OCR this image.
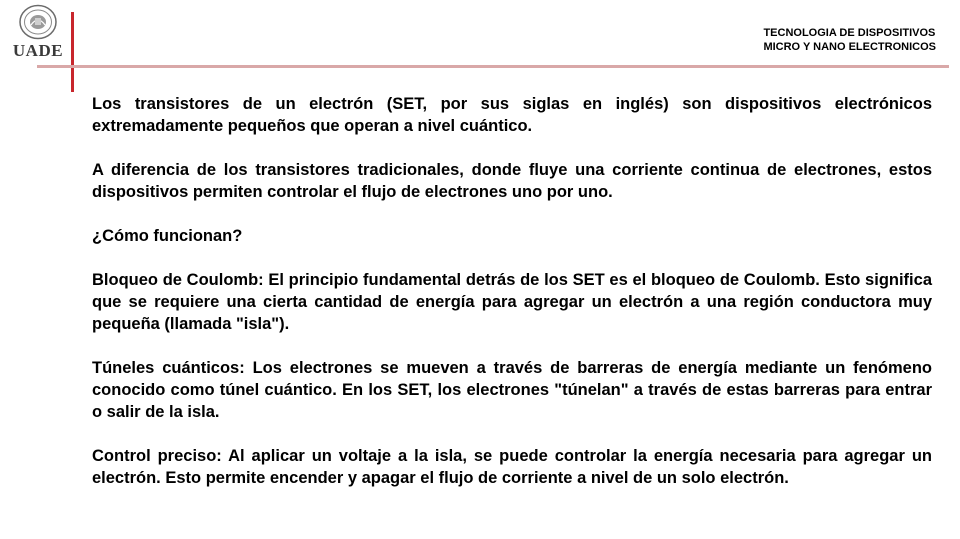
UADE
TECNOLOGIA DE DISPOSITIVOS
MICRO Y NANO ELECTRONICOS

Los transistores de un electrón (SET, por sus siglas en inglés) son dispositivos electrónicos extremadamente pequeños que operan a nivel cuántico.

A diferencia de los transistores tradicionales, donde fluye una corriente continua de electrones, estos dispositivos permiten controlar el flujo de electrones uno por uno.

¿Cómo funcionan?

Bloqueo de Coulomb: El principio fundamental detrás de los SET es el bloqueo de Coulomb. Esto significa que se requiere una cierta cantidad de energía para agregar un electrón a una región conductora muy pequeña (llamada "isla").

Túneles cuánticos: Los electrones se mueven a través de barreras de energía mediante un fenómeno conocido como túnel cuántico. En los SET, los electrones "túnelan" a través de estas barreras para entrar o salir de la isla.

Control preciso: Al aplicar un voltaje a la isla, se puede controlar la energía necesaria para agregar un electrón. Esto permite encender y apagar el flujo de corriente a nivel de un solo electrón.
